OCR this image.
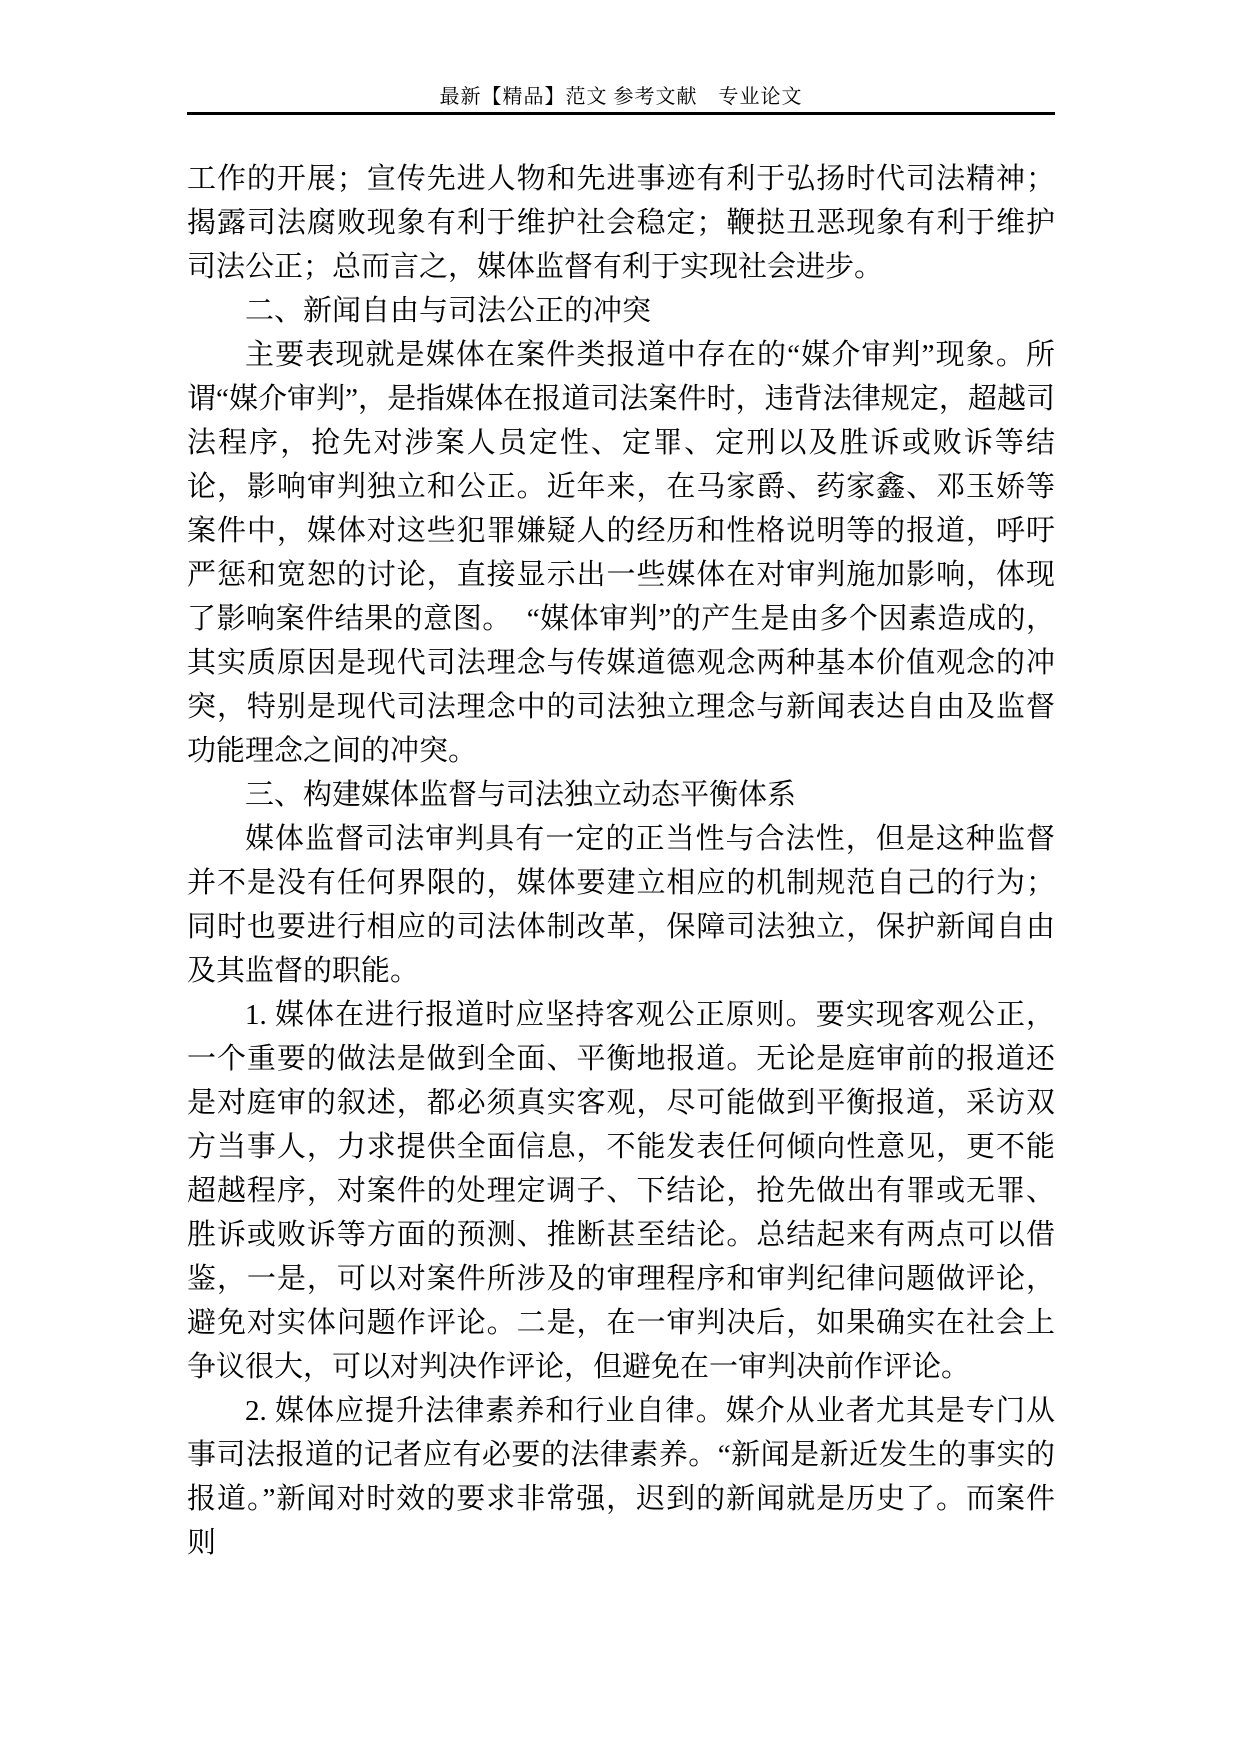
最新【精品】范文 参考文献　专业论文

工作的开展；宣传先进人物和先进事迹有利于弘扬时代司法精神；揭露司法腐败现象有利于维护社会稳定；鞭挞丑恶现象有利于维护司法公正；总而言之，媒体监督有利于实现社会进步。

二、新闻自由与司法公正的冲突

主要表现就是媒体在案件类报道中存在的“媒介审判”现象。所谓“媒介审判”，是指媒体在报道司法案件时，违背法律规定，超越司法程序，抢先对涉案人员定性、定罪、定刑以及胜诉或败诉等结论，影响审判独立和公正。近年来，在马家爵、药家鑫、邓玉娇等案件中，媒体对这些犯罪嫌疑人的经历和性格说明等的报道，呼吁严惩和宽恕的讨论，直接显示出一些媒体在对审判施加影响，体现了影响案件结果的意图。　“媒体审判”的产生是由多个因素造成的，其实质原因是现代司法理念与传媒道德观念两种基本价值观念的冲突，特别是现代司法理念中的司法独立理念与新闻表达自由及监督功能理念之间的冲突。

三、构建媒体监督与司法独立动态平衡体系

媒体监督司法审判具有一定的正当性与合法性，但是这种监督并不是没有任何界限的，媒体要建立相应的机制规范自己的行为；同时也要进行相应的司法体制改革，保障司法独立，保护新闻自由及其监督的职能。

1. 媒体在进行报道时应坚持客观公正原则。要实现客观公正，一个重要的做法是做到全面、平衡地报道。无论是庭审前的报道还是对庭审的叙述，都必须真实客观，尽可能做到平衡报道，采访双方当事人，力求提供全面信息，不能发表任何倾向性意见，更不能超越程序，对案件的处理定调子、下结论，抢先做出有罪或无罪、胜诉或败诉等方面的预测、推断甚至结论。总结起来有两点可以借鉴，一是，可以对案件所涉及的审理程序和审判纪律问题做评论，避免对实体问题作评论。二是，在一审判决后，如果确实在社会上争议很大，可以对判决作评论，但避免在一审判决前作评论。

2. 媒体应提升法律素养和行业自律。媒介从业者尤其是专门从事司法报道的记者应有必要的法律素养。“新闻是新近发生的事实的报道。”新闻对时效的要求非常强，迟到的新闻就是历史了。而案件则
